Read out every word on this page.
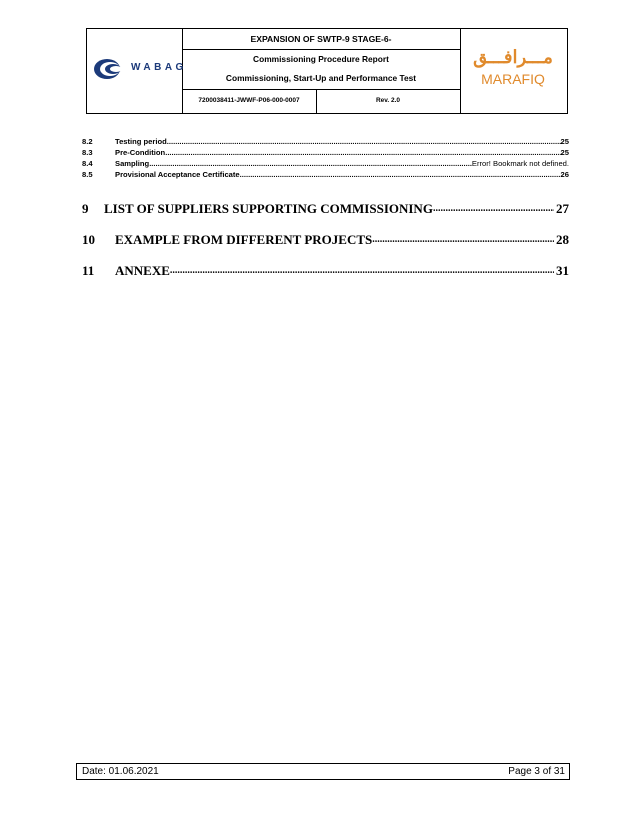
WABAG
EXPANSION OF SWTP-9 STAGE-6-
Commissioning Procedure Report
Commissioning, Start-Up and Performance Test
7200038411-JWWF-P06-000-0007	Rev. 2.0
مـــرافـــق
MARAFIQ
8.2	Testing period .....	25
8.3	Pre-Condition .....	25
8.4	Sampling .....	Error! Bookmark not defined.
8.5	Provisional Acceptance Certificate .....	26
9 LIST OF SUPPLIERS SUPPORTING COMMISSIONING .....	27
10 EXAMPLE FROM DIFFERENT PROJECTS .....	28
11 ANNEXE .....	31
Date: 01.06.2021	Page 3 of 31
